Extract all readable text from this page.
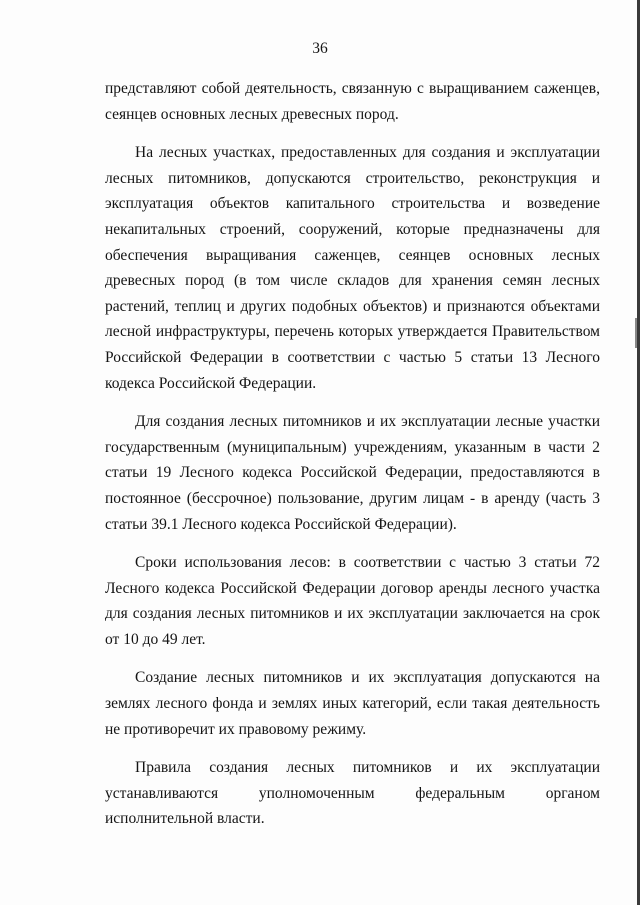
36

представляют собой деятельность, связанную с выращиванием саженцев, сеянцев основных лесных древесных пород.

На лесных участках, предоставленных для создания и эксплуатации лесных питомников, допускаются строительство, реконструкция и эксплуатация объектов капитального строительства и возведение некапитальных строений, сооружений, которые предназначены для обеспечения выращивания саженцев, сеянцев основных лесных древесных пород (в том числе складов для хранения семян лесных растений, теплиц и других подобных объектов) и признаются объектами лесной инфраструктуры, перечень которых утверждается Правительством Российской Федерации в соответствии с частью 5 статьи 13 Лесного кодекса Российской Федерации.

Для создания лесных питомников и их эксплуатации лесные участки государственным (муниципальным) учреждениям, указанным в части 2 статьи 19 Лесного кодекса Российской Федерации, предоставляются в постоянное (бессрочное) пользование, другим лицам - в аренду (часть 3 статьи 39.1 Лесного кодекса Российской Федерации).

Сроки использования лесов: в соответствии с частью 3 статьи 72 Лесного кодекса Российской Федерации договор аренды лесного участка для создания лесных питомников и их эксплуатации заключается на срок от 10 до 49 лет.

Создание лесных питомников и их эксплуатация допускаются на землях лесного фонда и землях иных категорий, если такая деятельность не противоречит их правовому режиму.

Правила создания лесных питомников и их эксплуатации устанавливаются уполномоченным федеральным органом исполнительной власти.
